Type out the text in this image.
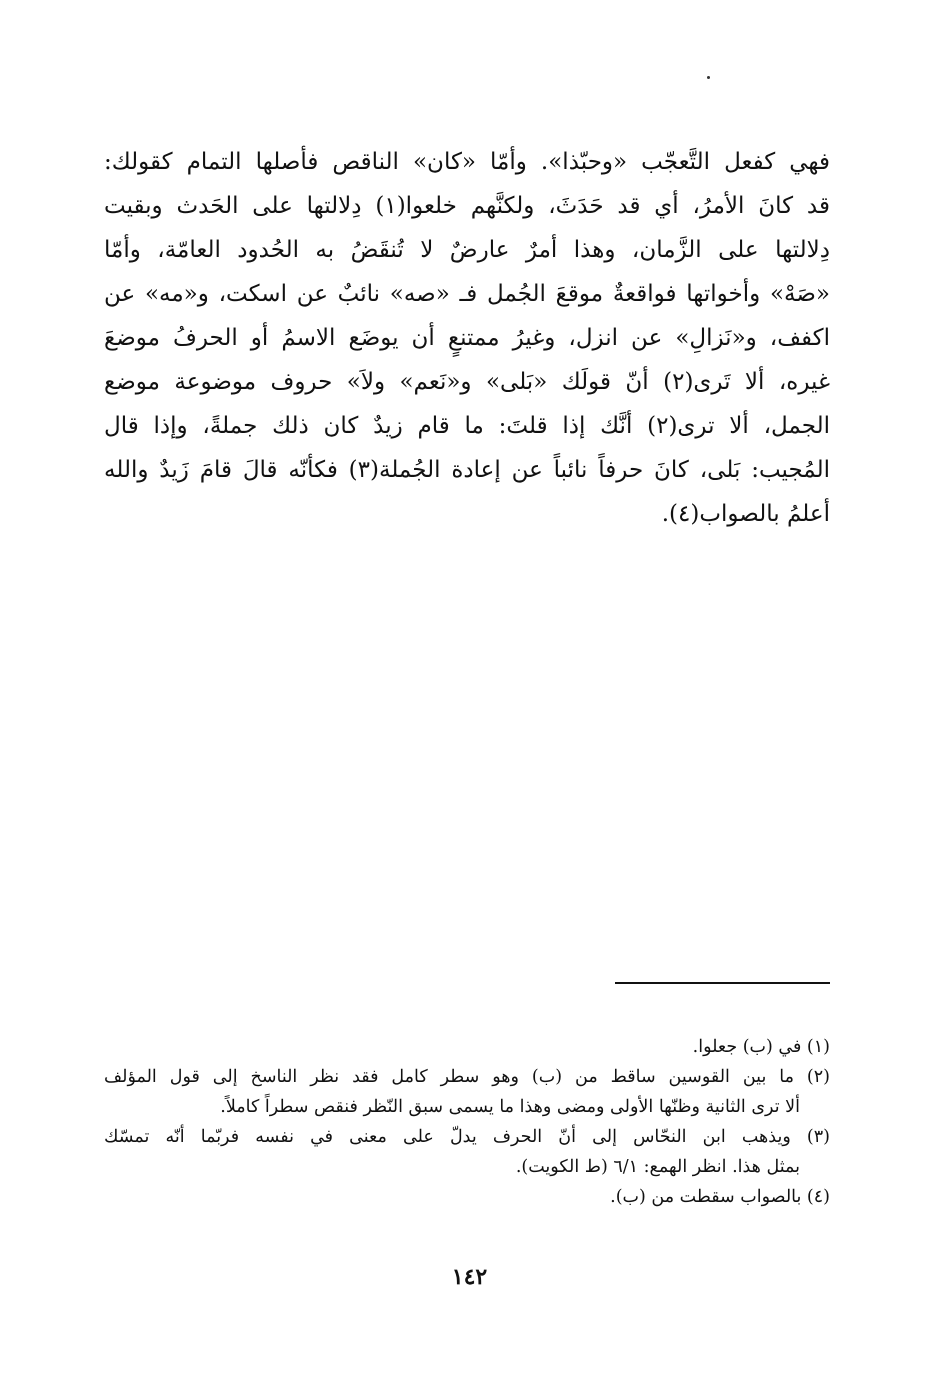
فهي كفعل التَّعجّب «وحبّذا». وأمّا «كان» الناقص فأصلها التمام كقولك:
قد كانَ الأمرُ، أي قد حَدَثَ، ولكنَّهم خلعوا(١) دِلالتها على الحَدث وبقيت
دِلالتها على الزَّمان، وهذا أمرٌ عارضٌ لا تُنقَضُ به الحُدود العامّة، وأمّا
«صَهْ» وأخواتها فواقعةٌ موقعَ الجُمل فـ «صه» نائبٌ عن اسكت، و«مه» عن
اكفف، و«نَزالِ» عن انزل، وغيرُ ممتنعٍ أن يوضَع الاسمُ أو الحرفُ موضعَ
غيره، ألا تَرى(٢) أنّ قولَك «بَلى» و«نَعم» ولاَ» حروف موضوعة موضع
الجمل، ألا ترى(٢) أنَّك إذا قلتَ: ما قام زيدٌ كان ذلك جملةً، وإذا قال
المُجيب: بَلى، كانَ حرفاً نائباً عن إعادة الجُملة(٣) فكأنّه قالَ قامَ زَيدٌ والله
أعلمُ بالصواب(٤).
(١) في (ب) جعلوا.
(٢) ما بين القوسين ساقط من (ب) وهو سطر كامل فقد نظر الناسخ إلى قول المؤلف
ألا ترى الثانية وظنّها الأولى ومضى وهذا ما يسمى سبق النّظر فنقص سطراً كاملاً.
(٣) ويذهب ابن النحّاس إلى أنّ الحرف يدلّ على معنى في نفسه فربّما أنّه تمسّك
بمثل هذا. انظر الهمع: ٦/١ (ط الكويت).
(٤) بالصواب سقطت من (ب).
١٤٢
